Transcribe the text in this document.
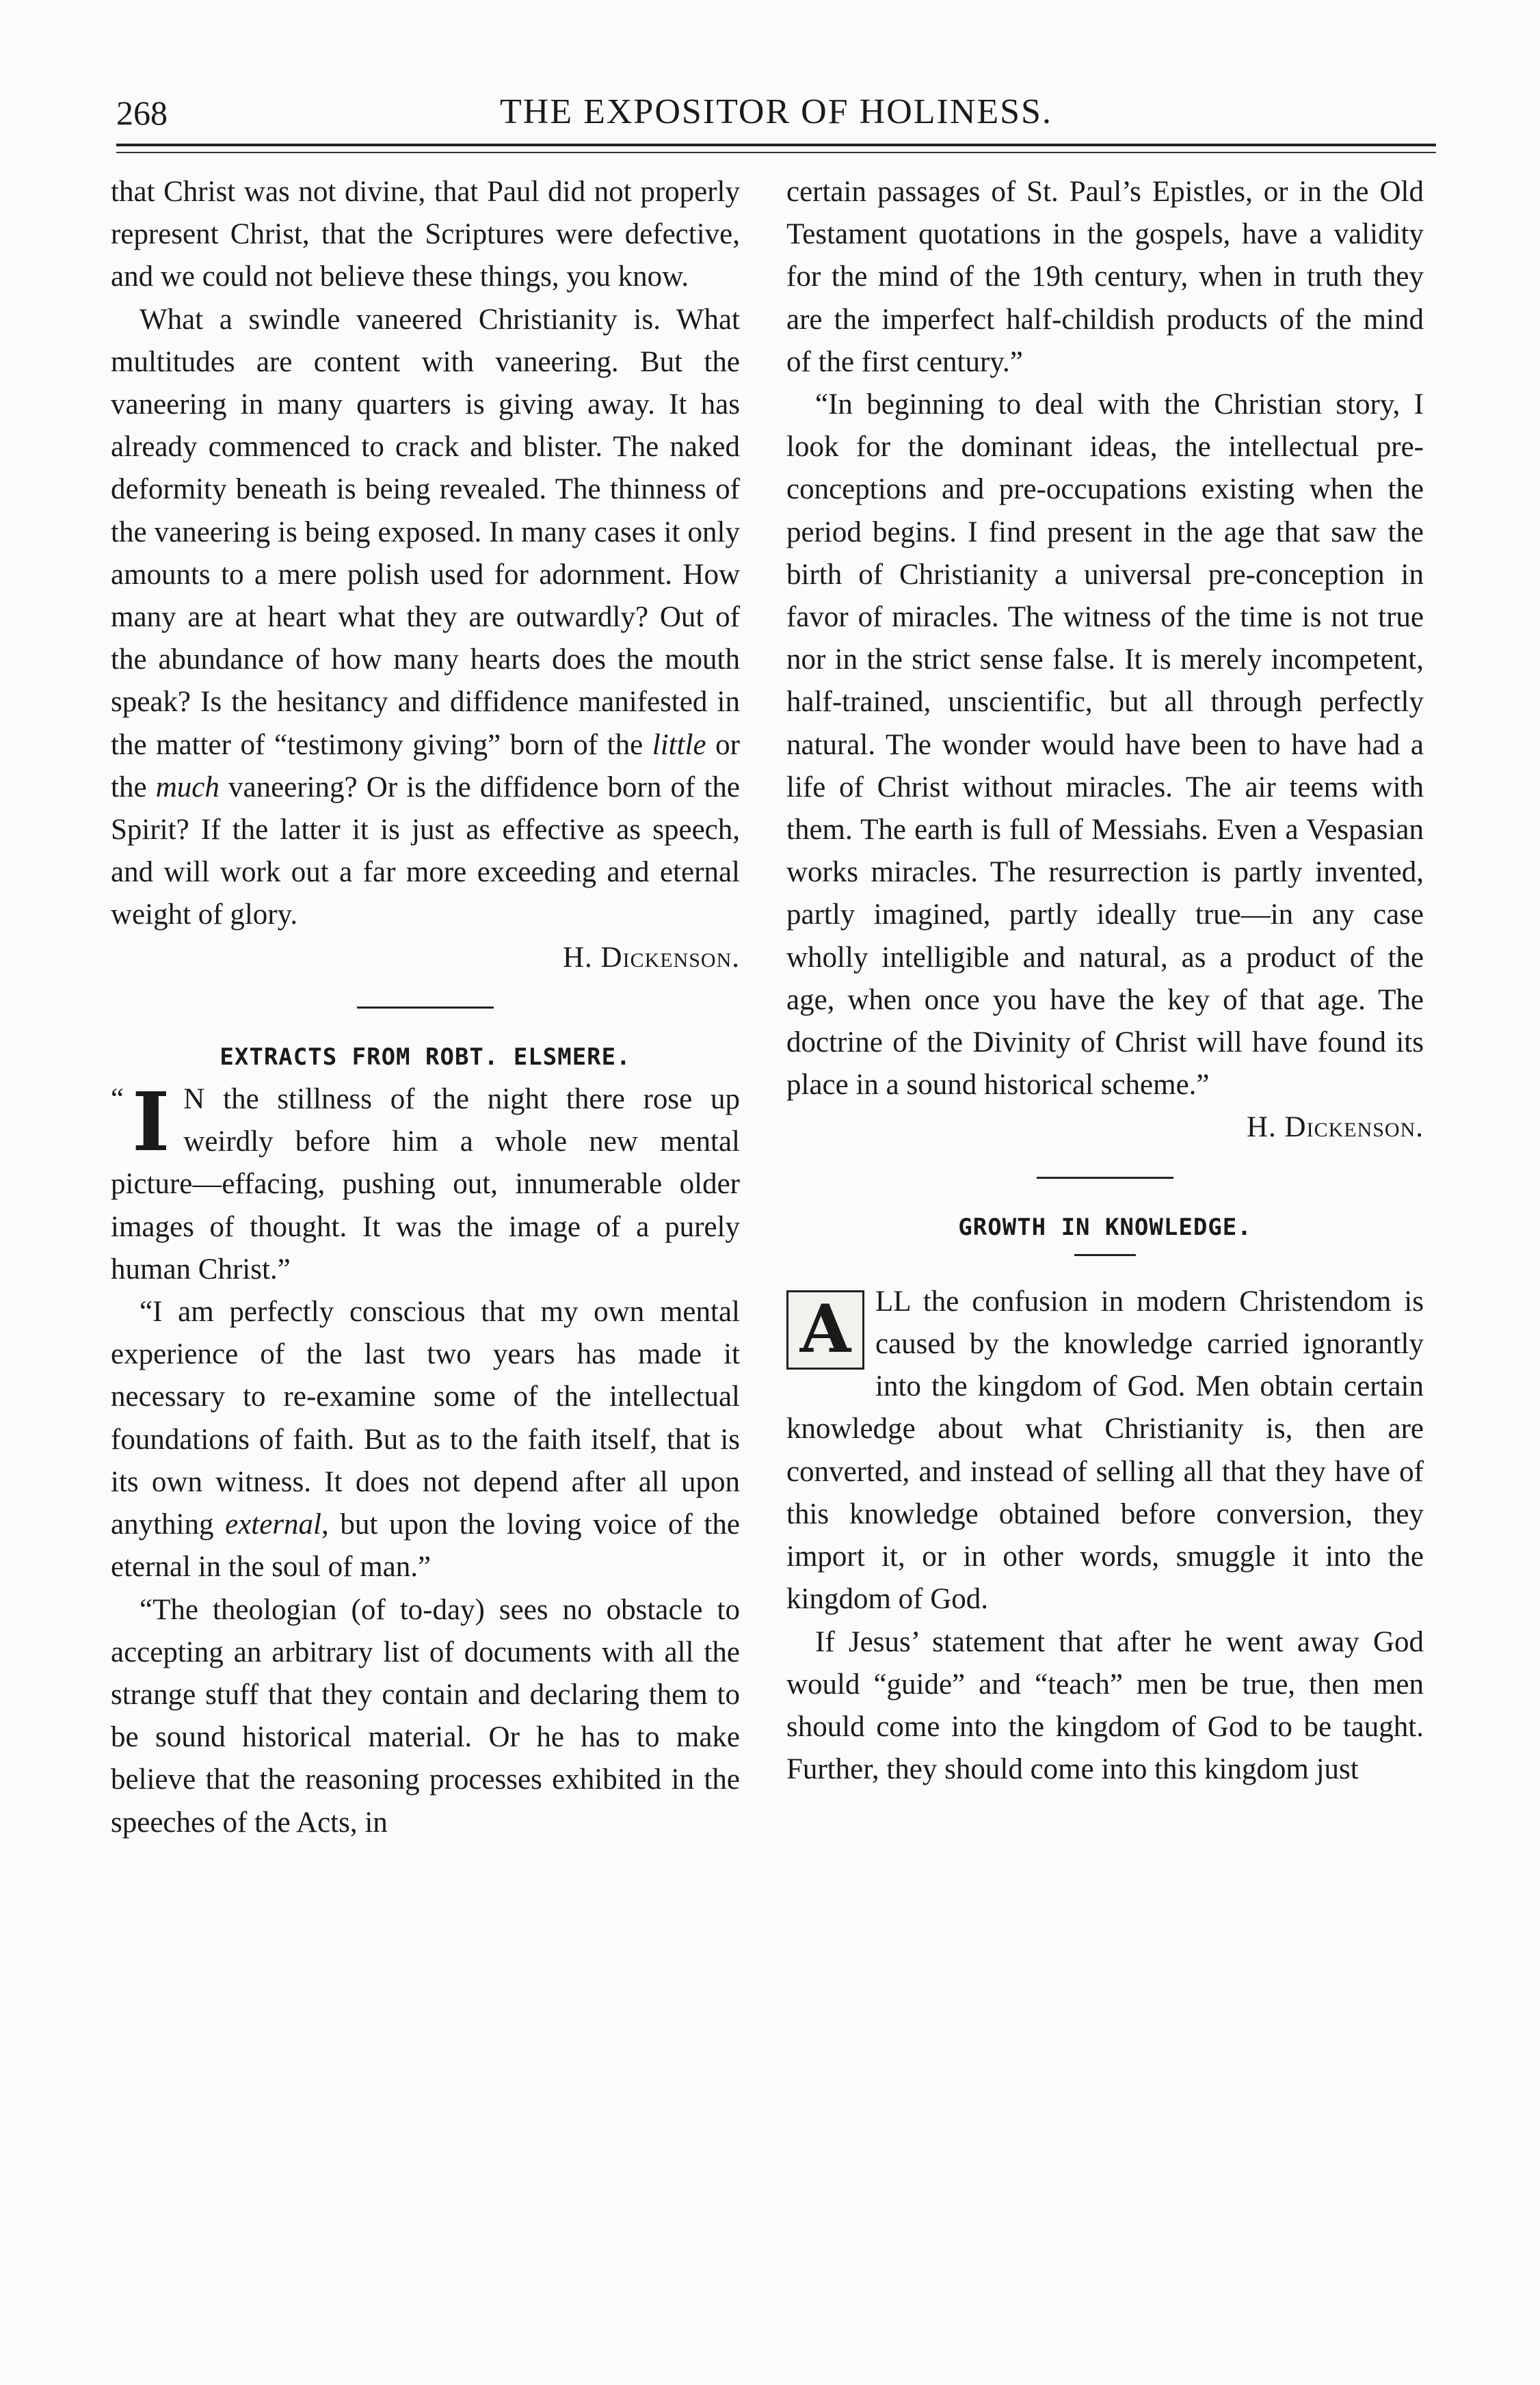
268	THE EXPOSITOR OF HOLINESS.

that Christ was not divine, that Paul did not properly represent Christ, that the Scriptures were defective, and we could not believe these things, you know.

What a swindle vaneered Christianity is. What multitudes are content with vaneering. But the vaneering in many quarters is giving away. It has already commenced to crack and blister. The naked deformity beneath is being revealed. The thinness of the vaneering is being exposed. In many cases it only amounts to a mere polish used for adornment. How many are at heart what they are outwardly? Out of the abundance of how many hearts does the mouth speak? Is the hesitancy and diffidence manifested in the matter of “testimony giving” born of the little or the much vaneering? Or is the diffidence born of the Spirit? If the latter it is just as effective as speech, and will work out a far more exceeding and eternal weight of glory.

H. Dickenson.

EXTRACTS FROM ROBT. ELSMERE.

“ I N the stillness of the night there rose up weirdly before him a whole new mental picture—effacing, pushing out, innumerable older images of thought. It was the image of a purely human Christ.”

“I am perfectly conscious that my own mental experience of the last two years has made it necessary to re-examine some of the intellectual foundations of faith. But as to the faith itself, that is its own witness. It does not depend after all upon anything external, but upon the loving voice of the eternal in the soul of man.”

“The theologian (of to-day) sees no obstacle to accepting an arbitrary list of documents with all the strange stuff that they contain and declaring them to be sound historical material. Or he has to make believe that the reasoning processes exhibited in the speeches of the Acts, in

certain passages of St. Paul’s Epistles, or in the Old Testament quotations in the gospels, have a validity for the mind of the 19th century, when in truth they are the imperfect half-childish products of the mind of the first century.”

“In beginning to deal with the Christian story, I look for the dominant ideas, the intellectual pre-conceptions and pre-occupations existing when the period begins. I find present in the age that saw the birth of Christianity a universal pre-conception in favor of miracles. The witness of the time is not true nor in the strict sense false. It is merely incompetent, half-trained, unscientific, but all through perfectly natural. The wonder would have been to have had a life of Christ without miracles. The air teems with them. The earth is full of Messiahs. Even a Vespasian works miracles. The resurrection is partly invented, partly imagined, partly ideally true—in any case wholly intelligible and natural, as a product of the age, when once you have the key of that age. The doctrine of the Divinity of Christ will have found its place in a sound historical scheme.”

H. Dickenson.

GROWTH IN KNOWLEDGE.

A LL the confusion in modern Christendom is caused by the knowledge carried ignorantly into the kingdom of God. Men obtain certain knowledge about what Christianity is, then are converted, and instead of selling all that they have of this knowledge obtained before conversion, they import it, or in other words, smuggle it into the kingdom of God.

If Jesus’ statement that after he went away God would “guide” and “teach” men be true, then men should come into the kingdom of God to be taught. Further, they should come into this kingdom just
